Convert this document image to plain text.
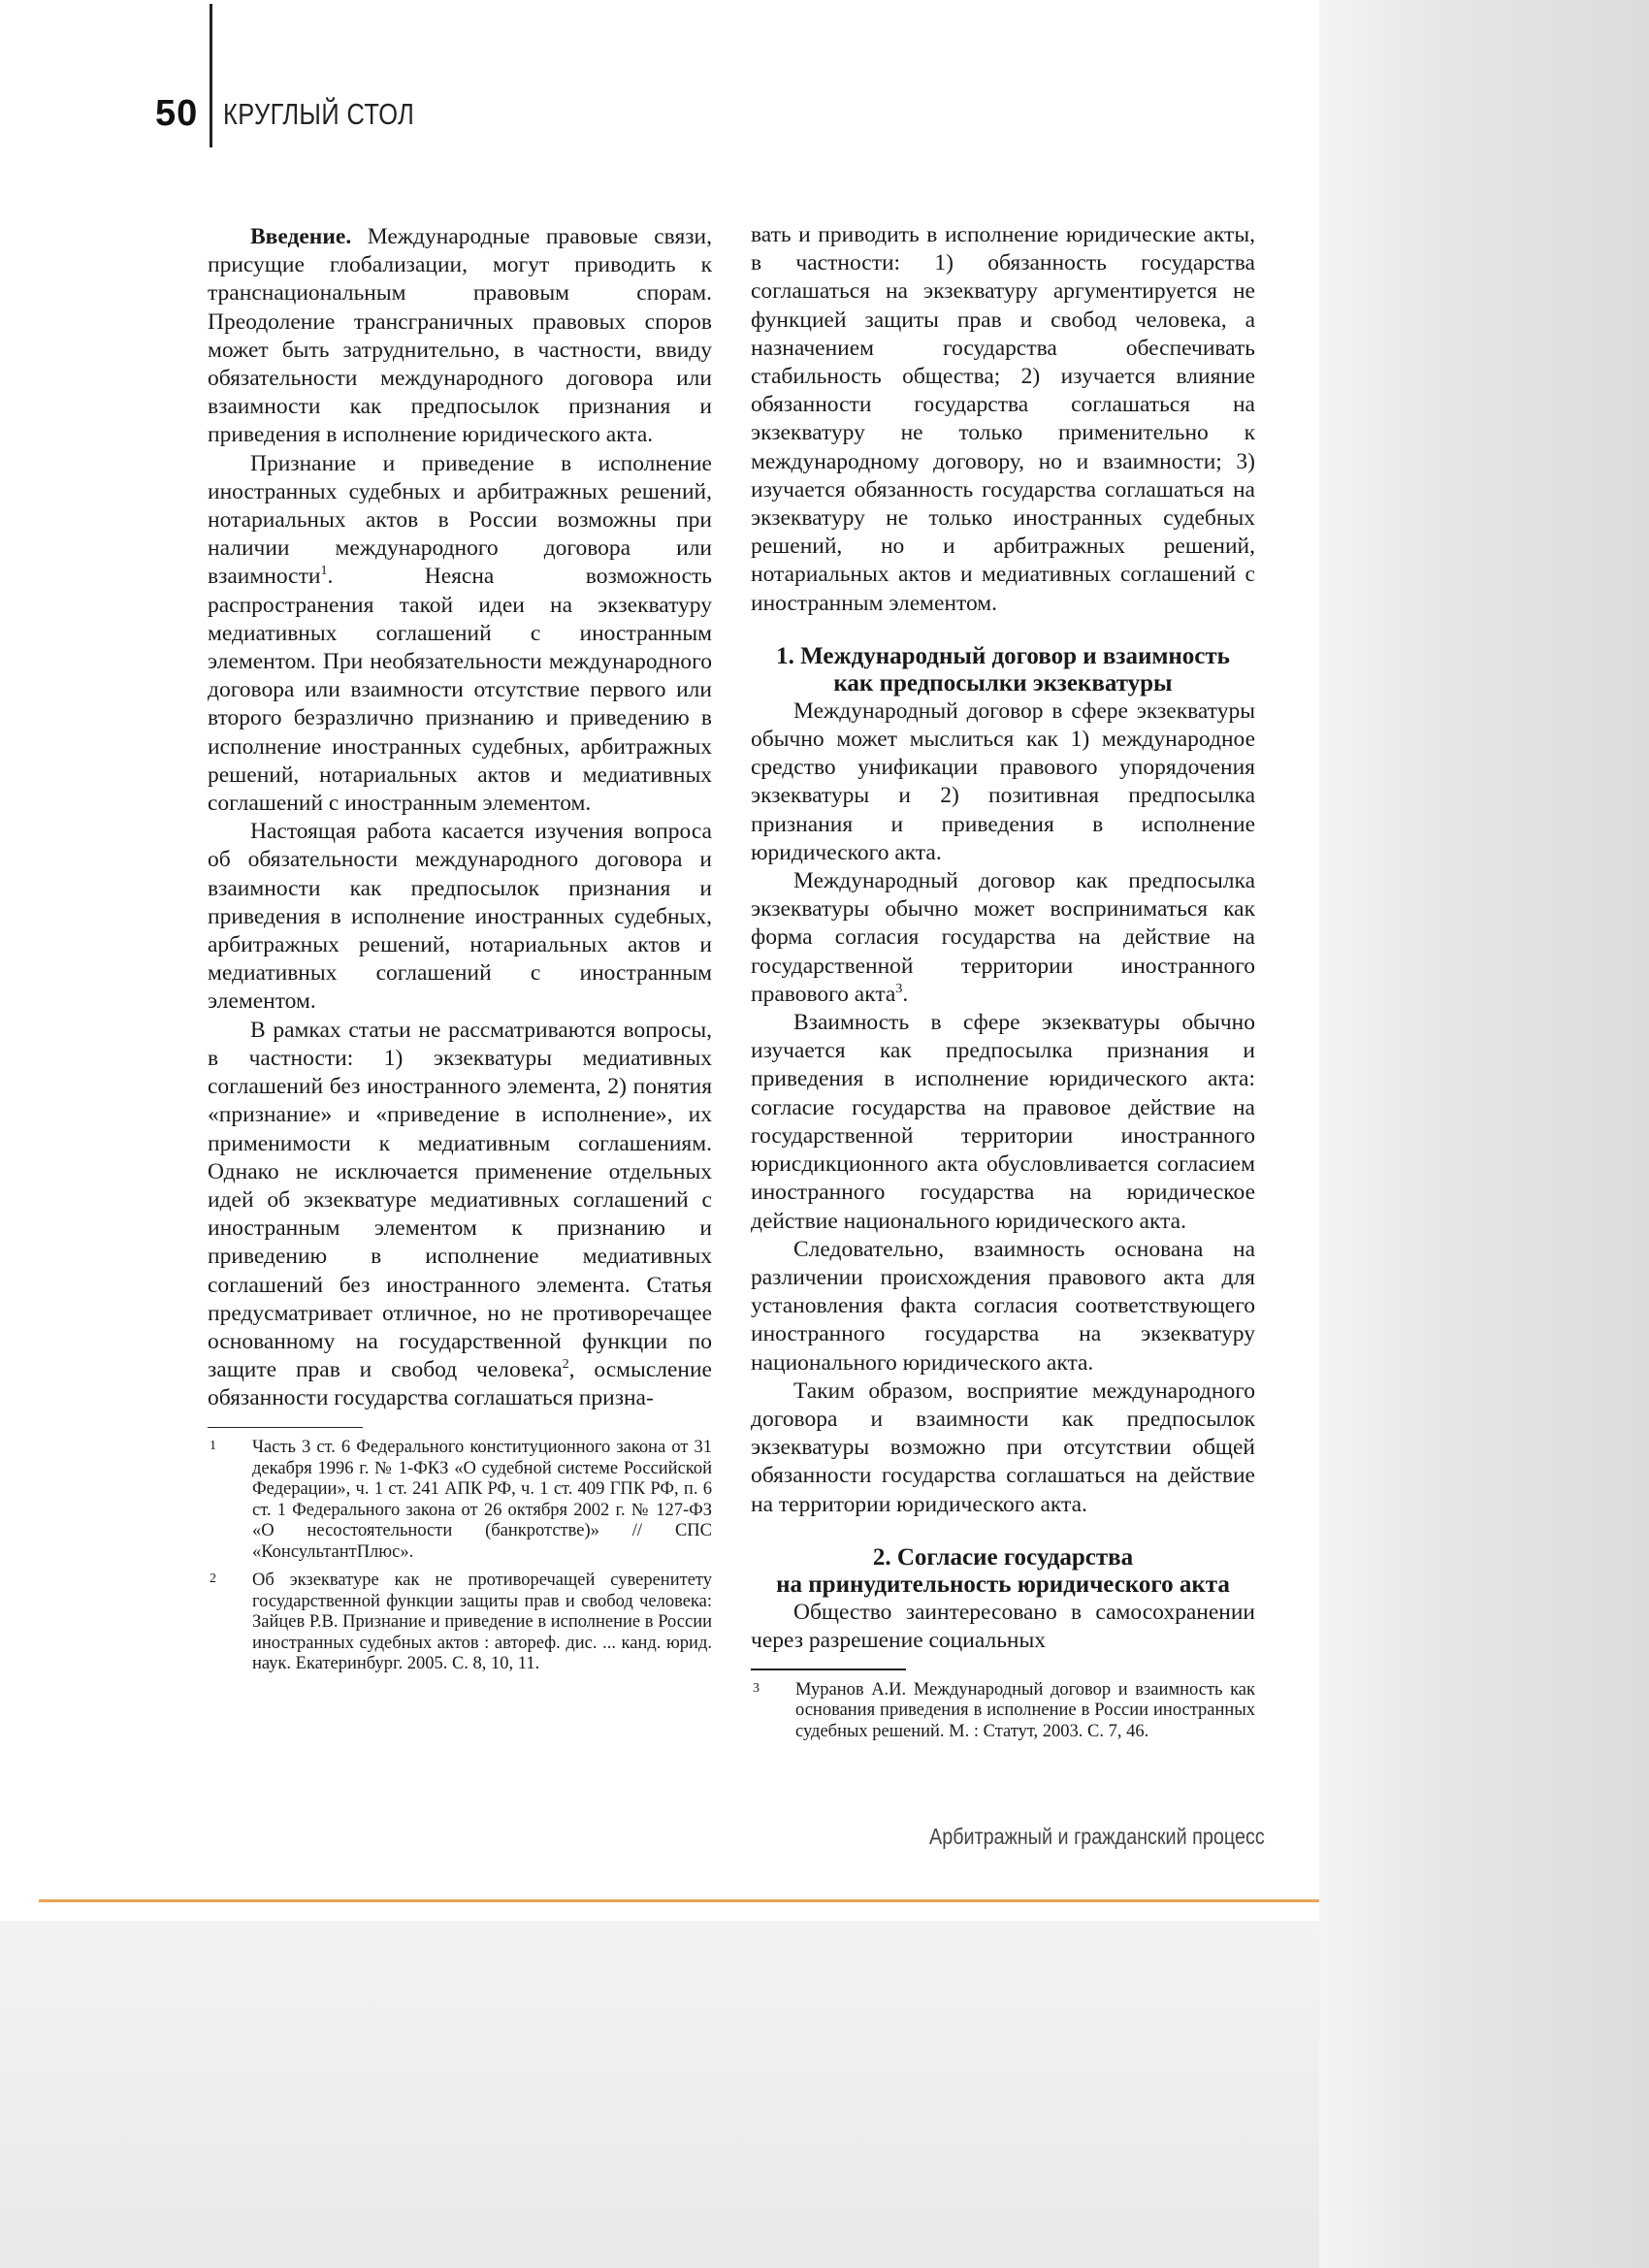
50 КРУГЛЫЙ СТОЛ

Введение. Международные правовые связи, присущие глобализации, могут приводить к транснациональным правовым спорам. Преодоление трансграничных правовых споров может быть затруднительно, в частности, ввиду обязательности международного договора или взаимности как предпосылок признания и приведения в исполнение юридического акта.

Признание и приведение в исполнение иностранных судебных и арбитражных решений, нотариальных актов в России возможны при наличии международного договора или взаимности$^1$. Неясна возможность распространения такой идеи на экзекватуру медиативных соглашений с иностранным элементом. При необязательности международного договора или взаимности отсутствие первого или второго безразлично признанию и приведению в исполнение иностранных судебных, арбитражных решений, нотариальных актов и медиативных соглашений с иностранным элементом.

Настоящая работа касается изучения вопроса об обязательности международного договора и взаимности как предпосылок признания и приведения в исполнение иностранных судебных, арбитражных решений, нотариальных актов и медиативных соглашений с иностранным элементом.

В рамках статьи не рассматриваются вопросы, в частности: 1) экзекватуры медиативных соглашений без иностранного элемента, 2) понятия «признание» и «приведение в исполнение», их применимости к медиативным соглашениям. Однако не исключается применение отдельных идей об экзекватуре медиативных соглашений с иностранным элементом к признанию и приведению в исполнение медиативных соглашений без иностранного элемента. Статья предусматривает отличное, но не противоречащее основанному на государственной функции по защите прав и свобод человека$^2$, осмысление обязанности государства соглашаться призна-

1	Часть 3 ст. 6 Федерального конституционного закона от 31 декабря 1996 г. № 1-ФКЗ «О судебной системе Российской Федерации», ч. 1 ст. 241 АПК РФ, ч. 1 ст. 409 ГПК РФ, п. 6 ст. 1 Федерального закона от 26 октября 2002 г. № 127-ФЗ «О несостоятельности (банкротстве)» // СПС «КонсультантПлюс».
2	Об экзекватуре как не противоречащей суверенитету государственной функции защиты прав и свобод человека: Зайцев Р.В. Признание и приведение в исполнение в России иностранных судебных актов : автореф. дис. ... канд. юрид. наук. Екатеринбург. 2005. С. 8, 10, 11.

вать и приводить в исполнение юридические акты, в частности: 1) обязанность государства соглашаться на экзекватуру аргументируется не функцией защиты прав и свобод человека, а назначением государства обеспечивать стабильность общества; 2) изучается влияние обязанности государства соглашаться на экзекватуру не только применительно к международному договору, но и взаимности; 3) изучается обязанность государства соглашаться на экзекватуру не только иностранных судебных решений, но и арбитражных решений, нотариальных актов и медиативных соглашений с иностранным элементом.

1. Международный договор и взаимность
как предпосылки экзекватуры

Международный договор в сфере экзекватуры обычно может мыслиться как 1) международное средство унификации правового упорядочения экзекватуры и 2) позитивная предпосылка признания и приведения в исполнение юридического акта.

Международный договор как предпосылка экзекватуры обычно может восприниматься как форма согласия государства на действие на государственной территории иностранного правового акта$^3$.

Взаимность в сфере экзекватуры обычно изучается как предпосылка признания и приведения в исполнение юридического акта: согласие государства на правовое действие на государственной территории иностранного юрисдикционного акта обусловливается согласием иностранного государства на юридическое действие национального юридического акта.

Следовательно, взаимность основана на различении происхождения правового акта для установления факта согласия соответствующего иностранного государства на экзекватуру национального юридического акта.

Таким образом, восприятие международного договора и взаимности как предпосылок экзекватуры возможно при отсутствии общей обязанности государства соглашаться на действие на территории юридического акта.

2. Согласие государства
на принудительность юридического акта

Общество заинтересовано в самосохранении через разрешение социальных

3	Муранов А.И. Международный договор и взаимность как основания приведения в исполнение в России иностранных судебных решений. М. : Статут, 2003. С. 7, 46.
Арбитражный и гражданский процесс
